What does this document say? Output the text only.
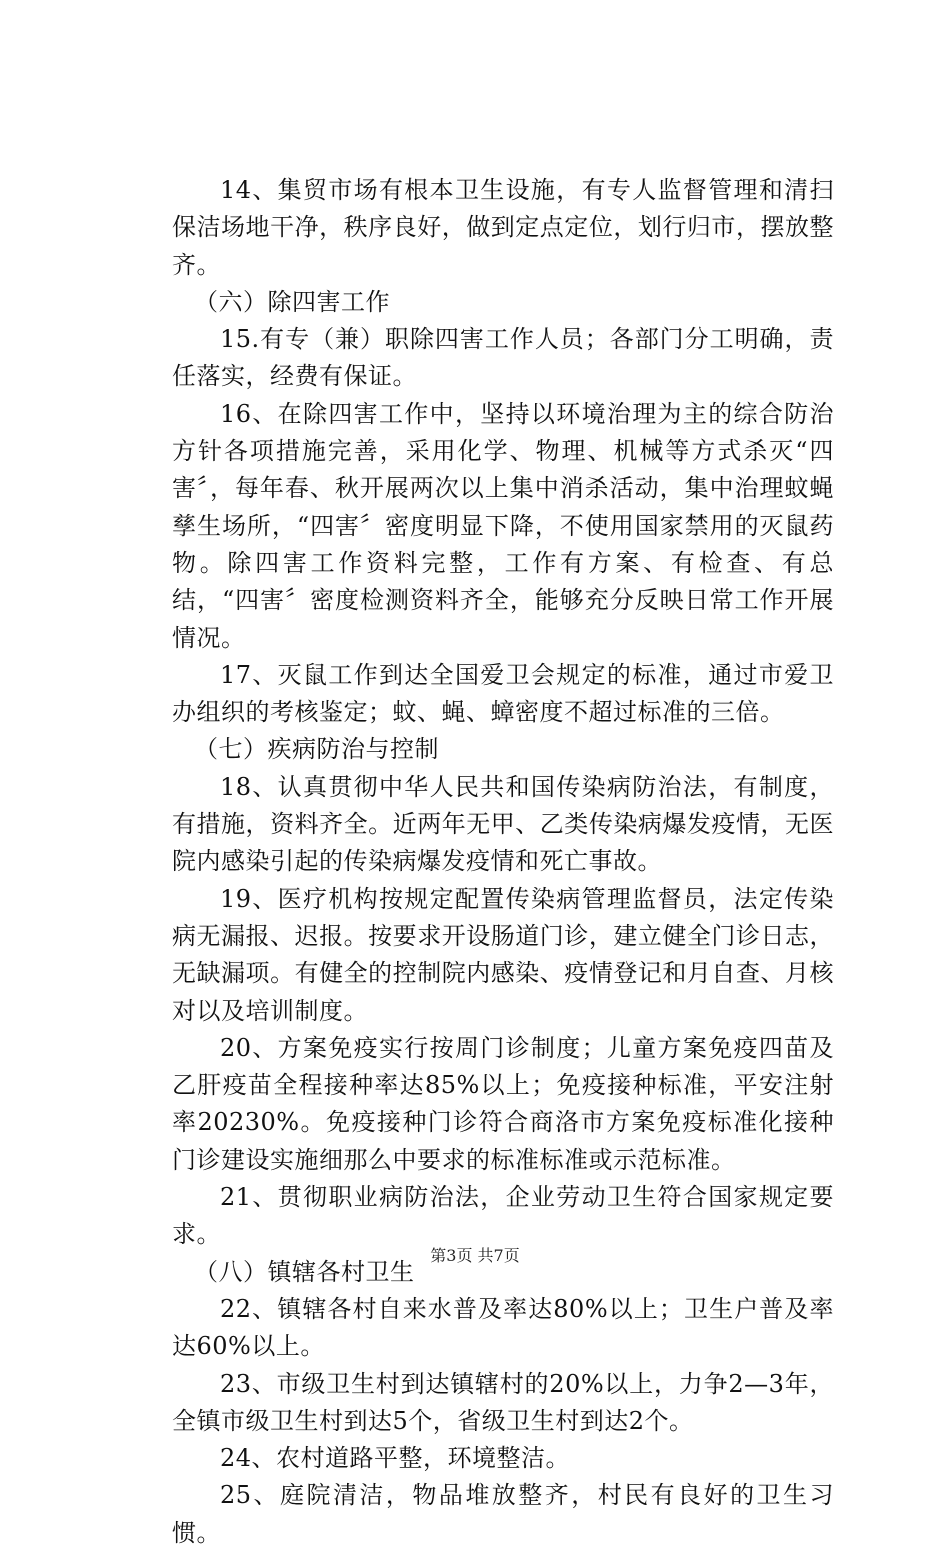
14、集贸市场有根本卫生设施，有专人监督管理和清扫保洁场地干净，秩序良好，做到定点定位，划行归市，摆放整齐。

（六）除四害工作

15.有专（兼）职除四害工作人员；各部门分工明确，责任落实，经费有保证。

16、在除四害工作中，坚持以环境治理为主的综合防治方针各项措施完善，采用化学、物理、机械等方式杀灭“四害〞，每年春、秋开展两次以上集中消杀活动，集中治理蚊蝇孳生场所，“四害〞密度明显下降，不使用国家禁用的灭鼠药物。除四害工作资料完整，工作有方案、有检查、有总结，“四害〞密度检测资料齐全，能够充分反映日常工作开展情况。

17、灭鼠工作到达全国爱卫会规定的标准，通过市爱卫办组织的考核鉴定；蚊、蝇、蟑密度不超过标准的三倍。

（七）疾病防治与控制

18、认真贯彻中华人民共和国传染病防治法，有制度，有措施，资料齐全。近两年无甲、乙类传染病爆发疫情，无医院内感染引起的传染病爆发疫情和死亡事故。

19、医疗机构按规定配置传染病管理监督员，法定传染病无漏报、迟报。按要求开设肠道门诊，建立健全门诊日志，无缺漏项。有健全的控制院内感染、疫情登记和月自查、月核对以及培训制度。

20、方案免疫实行按周门诊制度；儿童方案免疫四苗及乙肝疫苗全程接种率达85%以上；免疫接种标准，平安注射率20230%。免疫接种门诊符合商洛市方案免疫标准化接种门诊建设实施细那么中要求的标准标准或示范标准。

21、贯彻职业病防治法，企业劳动卫生符合国家规定要求。

（八）镇辖各村卫生

22、镇辖各村自来水普及率达80%以上；卫生户普及率达60%以上。

23、市级卫生村到达镇辖村的20%以上，力争2—3年，全镇市级卫生村到达5个，省级卫生村到达2个。

24、农村道路平整，环境整洁。

25、庭院清洁，物品堆放整齐，村民有良好的卫生习惯。

第3页 共7页
